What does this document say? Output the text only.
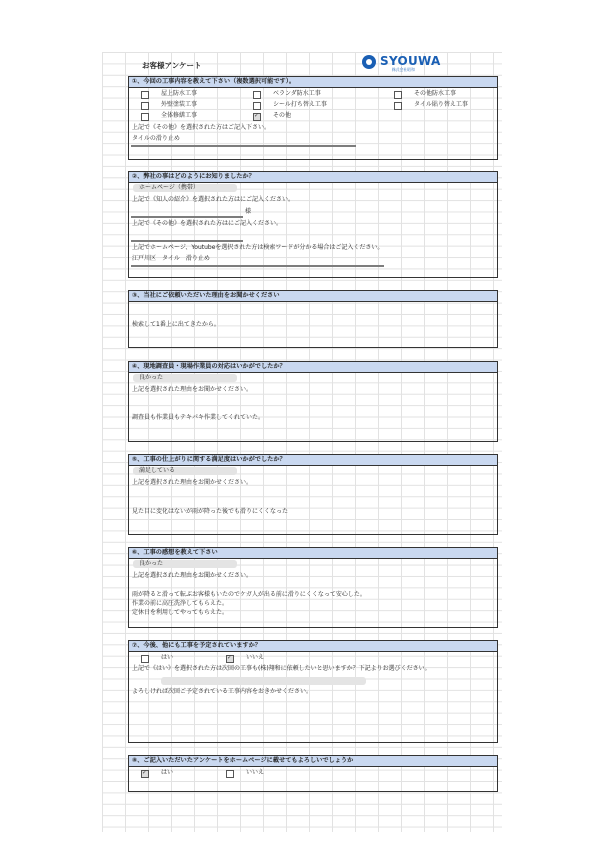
お客様アンケート	SYOUWA
株式会社昭和
①、今回の工事内容を教えて下さい（複数選択可能です）。
屋上防水工事	ベランダ防水工事	その他防水工事
外壁塗装工事	シール打ち替え工事	タイル貼り替え工事
全体修繕工事 ✓	その他
上記で《その他》を選択された方はご記入下さい。
タイルの滑り止め
②、弊社の事はどのようにお知りましたか？
ホームページ（携帯）
上記で《知人の紹介》を選択された方はにご記入ください。
様
上記で《その他》を選択された方はにご記入ください。
上記でホームページ、Youtubeを選択された方は検索ワードが分かる場合はご記入ください。
江戸川区　タイル　滑り止め
③、当社にご依頼いただいた理由をお聞かせください
検索して1番上に出てきたから。
④、現地調査員・現場作業員の対応はいかがでしたか？
良かった
上記を選択された理由をお聞かせください。
調査員も作業員もテキパキ作業してくれていた。
⑤、工事の仕上がりに関する満足度はいかがでしたか？
満足している
上記を選択された理由をお聞かせください。
見た目に変化はないが雨が降った後でも滑りにくくなった
⑥、工事の感想を教えて下さい
良かった
上記を選択された理由をお聞かせください。
雨が降ると滑って転ぶお客様もいたのでケガ人が出る前に滑りにくくなって安心した。
作業の前に高圧洗浄してもらえた。
定休日を利用してやってもらえた。
⑦、今後、他にも工事を予定されていますか？
はい ✓	いいえ
上記で《はい》を選択された方は次回の工事も(株)翔和に依頼したいと思いますか？下記よりお選びください。
よろしければ次回ご予定されている工事内容をおきかせください。
⑧、ご記入いただいたアンケートをホームページに載せてもよろしいでしょうか
✓
はい	いいえ
